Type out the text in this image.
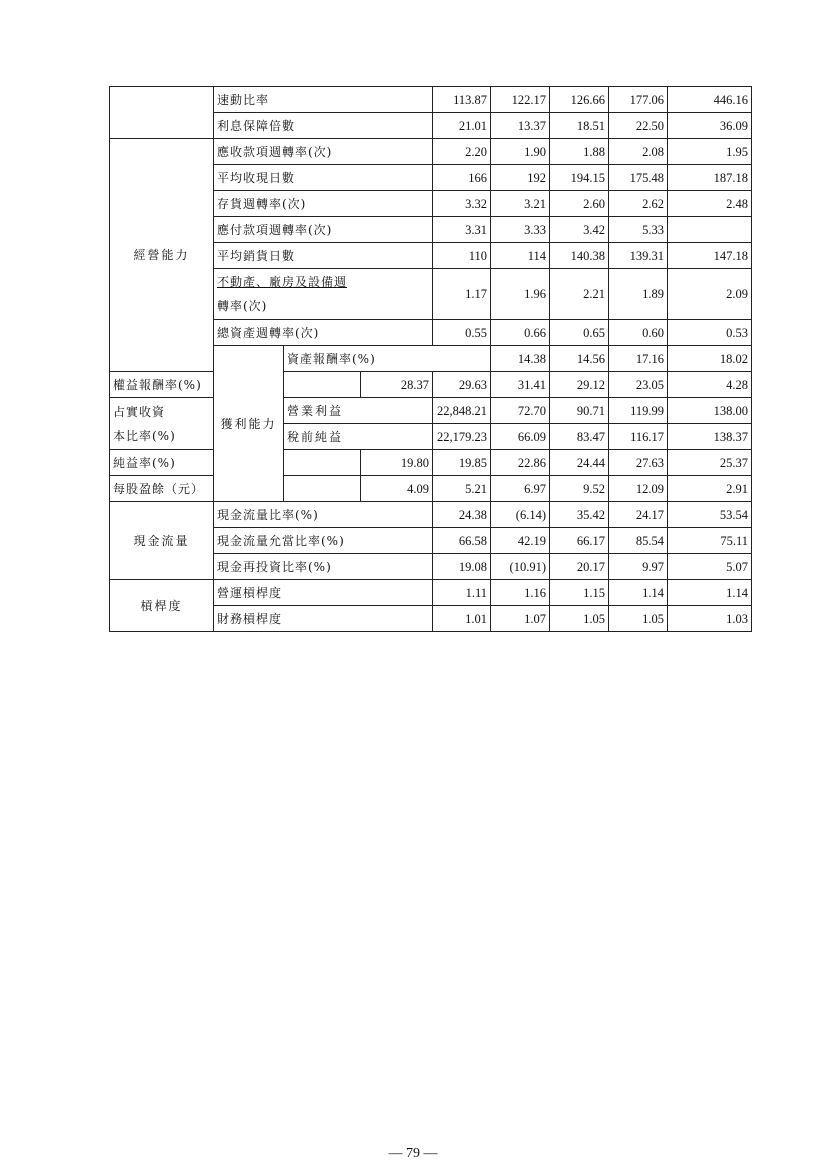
	速動比率			113.87	122.17	126.66	177.06	446.16	
	利息保障倍數			21.01	13.37	18.51	22.50	36.09	
經營能力	應收款項週轉率(次)			2.20	1.90	1.88	2.08	1.95	
	平均收現日數			166	192	194.15	175.48	187.18	
	存貨週轉率(次)			3.32	3.21	2.60	2.62	2.48	
	應付款項週轉率(次)			3.31	3.33	3.42	5.33		
	平均銷貨日數			110	114	140.38	139.31	147.18	
	不動產、廠房及設備週
轉率(次)			1.17	1.96	2.21	1.89	2.09	
	總資產週轉率(次)			0.55	0.66	0.65	0.60	0.53	
	獲利能力	資產報酬率(%)			14.38	14.56	17.16	18.02		
權益報酬率(%)			28.37	29.63	31.41	29.12	23.05	4.28	
占實收資
本比率(%)		營業利益		22,848.21	72.70	90.71	119.99	138.00	
		稅前純益		22,179.23	66.09	83.47	116.17	138.37	
純益率(%)			19.80	19.85	22.86	24.44	27.63	25.37	
每股盈餘（元）			4.09	5.21	6.97	9.52	12.09	2.91	
現金流量	現金流量比率(%)			24.38	(6.14)	35.42	24.17	53.54	
	現金流量允當比率(%)			66.58	42.19	66.17	85.54	75.11	
	現金再投資比率(%)			19.08	(10.91)	20.17	9.97	5.07	
槓桿度	營運槓桿度			1.11	1.16	1.15	1.14	1.14	
	財務槓桿度			1.01	1.07	1.05	1.05	1.03	
— 79 —
